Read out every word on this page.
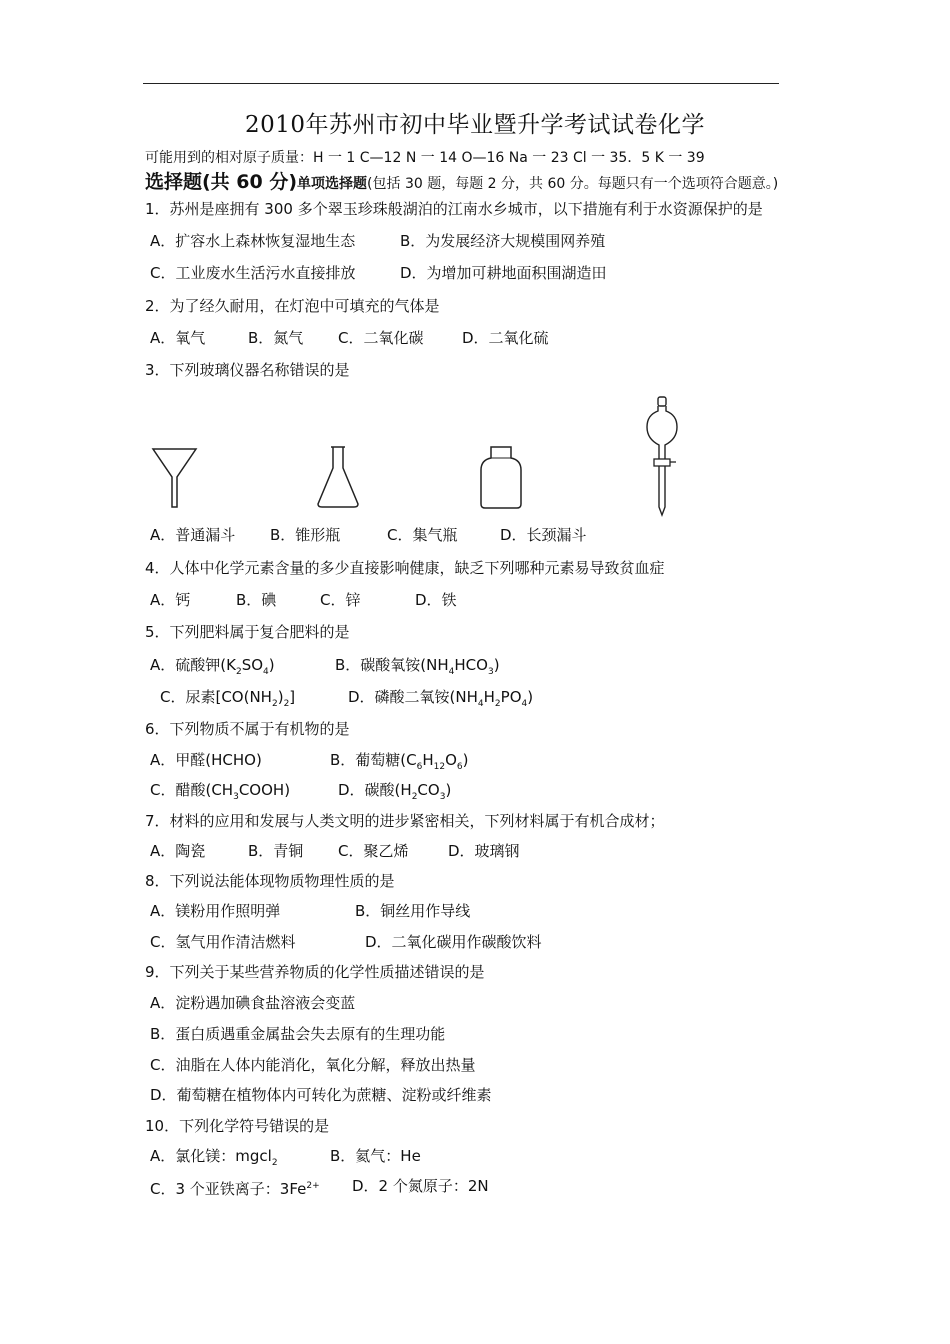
2010年苏州市初中毕业暨升学考试试卷化学
可能用到的相对原子质量：H 一 1 C—12 N 一 14 O—16 Na 一 23 Cl 一 35．5 K 一 39
选择题(共 60 分)单项选择题(包括 30 题，每题 2 分，共 60 分。每题只有一个选项符合题意。)
1．苏州是座拥有 300 多个翠玉珍珠般湖泊的江南水乡城市，以下措施有利于水资源保护的是
A．扩容水上森林恢复湿地生态	B．为发展经济大规模围网养殖
C．工业废水生活污水直接排放	D．为增加可耕地面积围湖造田
2．为了经久耐用，在灯泡中可填充的气体是
A．氧气	B．氮气 C．二氧化碳	D．二氧化硫
3．下列玻璃仪器名称错误的是
A．普通漏斗 B．锥形瓶	C．集气瓶	D．长颈漏斗
4．人体中化学元素含量的多少直接影响健康，缺乏下列哪种元素易导致贫血症
A．钙	B．碘	C．锌	D．铁
5．下列肥料属于复合肥料的是
A．硫酸钾$(K_2SO_4)$	B．碳酸氧铵$(NH_4HCO_3)$
C．尿素$[CO(NH_2)_2]$	D．磷酸二氧铵$(NH_4H_2PO_4)$
6．下列物质不属于有机物的是
A．甲醛(HCHO)	B．葡萄糖$(C_6H_{12}O_6)$
C．醋酸$(CH_3COOH)$	D．碳酸$(H_2CO_3)$
7．材料的应用和发展与人类文明的进步紧密相关，下列材料属于有机合成材；
A．陶瓷	B．青铜 C．聚乙烯	D．玻璃钢
8．下列说法能体现物质物理性质的是
A．镁粉用作照明弹	B．铜丝用作导线
C．氢气用作清洁燃料	D．二氧化碳用作碳酸饮料
9．下列关于某些营养物质的化学性质描述错误的是
A．淀粉遇加碘食盐溶液会变蓝
B．蛋白质遇重金属盐会失去原有的生理功能
C．油脂在人体内能消化，氧化分解，释放出热量
D．葡萄糖在植物体内可转化为蔗糖、淀粉或纤维素
10．下列化学符号错误的是
A．氯化镁：mgcl$_2$	B．氦气：He
C．3 个亚铁离子：$3Fe^{2+}$ D．2 个氮原子：2N
